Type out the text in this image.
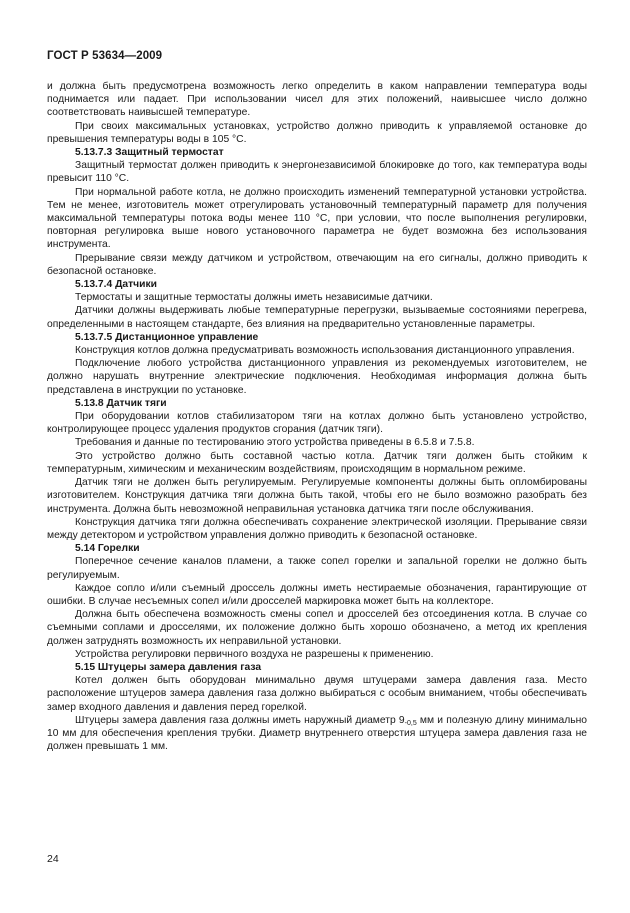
ГОСТ Р 53634—2009

и должна быть предусмотрена возможность легко определить в каком направлении температура воды поднимается или падает. При использовании чисел для этих положений, наивысшее число должно соответствовать наивысшей температуре.

При своих максимальных установках, устройство должно приводить к управляемой остановке до превышения температуры воды в 105 °С.

5.13.7.3 Защитный термостат

Защитный термостат должен приводить к энергонезависимой блокировке до того, как температура воды превысит 110 °С.

При нормальной работе котла, не должно происходить изменений температурной установки устройства. Тем не менее, изготовитель может отрегулировать установочный температурный параметр для получения максимальной температуры потока воды менее 110 °С, при условии, что после выполнения регулировки, повторная регулировка выше нового установочного параметра не будет возможна без использования инструмента.

Прерывание связи между датчиком и устройством, отвечающим на его сигналы, должно приводить к безопасной остановке.

5.13.7.4 Датчики

Термостаты и защитные термостаты должны иметь независимые датчики.

Датчики должны выдерживать любые температурные перегрузки, вызываемые состояниями перегрева, определенными в настоящем стандарте, без влияния на предварительно установленные параметры.

5.13.7.5 Дистанционное управление

Конструкция котлов должна предусматривать возможность использования дистанционного управления.

Подключение любого устройства дистанционного управления из рекомендуемых изготовителем, не должно нарушать внутренние электрические подключения. Необходимая информация должна быть представлена в инструкции по установке.

5.13.8 Датчик тяги

При оборудовании котлов стабилизатором тяги на котлах должно быть установлено устройство, контролирующее процесс удаления продуктов сгорания (датчик тяги).

Требования и данные по тестированию этого устройства приведены в 6.5.8 и 7.5.8.

Это устройство должно быть составной частью котла. Датчик тяги должен быть стойким к температурным, химическим и механическим воздействиям, происходящим в нормальном режиме.

Датчик тяги не должен быть регулируемым. Регулируемые компоненты должны быть опломбированы изготовителем. Конструкция датчика тяги должна быть такой, чтобы его не было возможно разобрать без инструмента. Должна быть невозможной неправильная установка датчика тяги после обслуживания.

Конструкция датчика тяги должна обеспечивать сохранение электрической изоляции. Прерывание связи между детектором и устройством управления должно приводить к безопасной остановке.

5.14 Горелки

Поперечное сечение каналов пламени, а также сопел горелки и запальной горелки не должно быть регулируемым.

Каждое сопло и/или съемный дроссель должны иметь нестираемые обозначения, гарантирующие от ошибки. В случае несъемных сопел и/или дросселей маркировка может быть на коллекторе.

Должна быть обеспечена возможность смены сопел и дросселей без отсоединения котла. В случае со съемными соплами и дросселями, их положение должно быть хорошо обозначено, а метод их крепления должен затруднять возможность их неправильной установки.

Устройства регулировки первичного воздуха не разрешены к применению.

5.15 Штуцеры замера давления газа

Котел должен быть оборудован минимально двумя штуцерами замера давления газа. Место расположение штуцеров замера давления газа должно выбираться с особым вниманием, чтобы обеспечивать замер входного давления и давления перед горелкой.

Штуцеры замера давления газа должны иметь наружный диаметр $9_{-0,5}$ мм и полезную длину минимально 10 мм для обеспечения крепления трубки. Диаметр внутреннего отверстия штуцера замера давления газа не должен превышать 1 мм.

24
